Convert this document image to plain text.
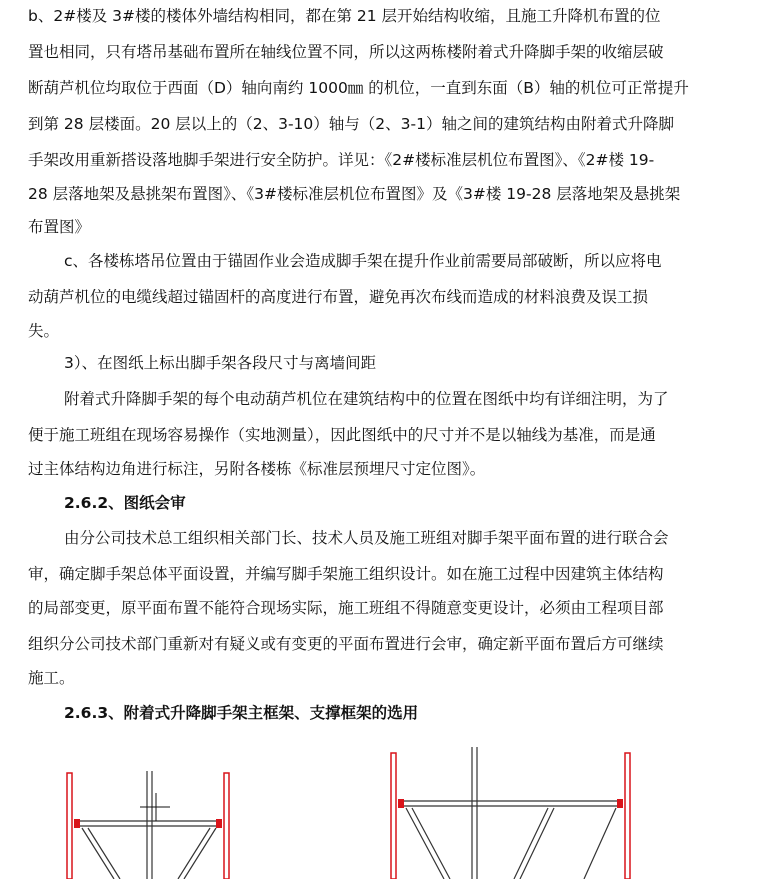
b、2#楼及 3#楼的楼体外墙结构相同，都在第 21 层开始结构收缩，且施工升降机布置的位
置也相同，只有塔吊基础布置所在轴线位置不同，所以这两栋楼附着式升降脚手架的收缩层破
断葫芦机位均取位于西面（D）轴向南约 1000㎜ 的机位，一直到东面（B）轴的机位可正常提升
到第 28 层楼面。20 层以上的（2、3-10）轴与（2、3-1）轴之间的建筑结构由附着式升降脚
手架改用重新搭设落地脚手架进行安全防护。详见：《2#楼标准层机位布置图》、《2#楼 19-
28 层落地架及悬挑架布置图》、《3#楼标准层机位布置图》及《3#楼 19-28 层落地架及悬挑架
布置图》
c、各楼栋塔吊位置由于锚固作业会造成脚手架在提升作业前需要局部破断，所以应将电
动葫芦机位的电缆线超过锚固杆的高度进行布置，避免再次布线而造成的材料浪费及误工损
失。
3）、在图纸上标出脚手架各段尺寸与离墙间距
附着式升降脚手架的每个电动葫芦机位在建筑结构中的位置在图纸中均有详细注明，为了
便于施工班组在现场容易操作（实地测量），因此图纸中的尺寸并不是以轴线为基准，而是通
过主体结构边角进行标注，另附各楼栋《标准层预埋尺寸定位图》。
2.6.2、图纸会审
由分公司技术总工组织相关部门长、技术人员及施工班组对脚手架平面布置的进行联合会
审，确定脚手架总体平面设置，并编写脚手架施工组织设计。如在施工过程中因建筑主体结构
的局部变更，原平面布置不能符合现场实际，施工班组不得随意变更设计，必须由工程项目部
组织分公司技术部门重新对有疑义或有变更的平面布置进行会审，确定新平面布置后方可继续
施工。
2.6.3、附着式升降脚手架主框架、支撑框架的选用
